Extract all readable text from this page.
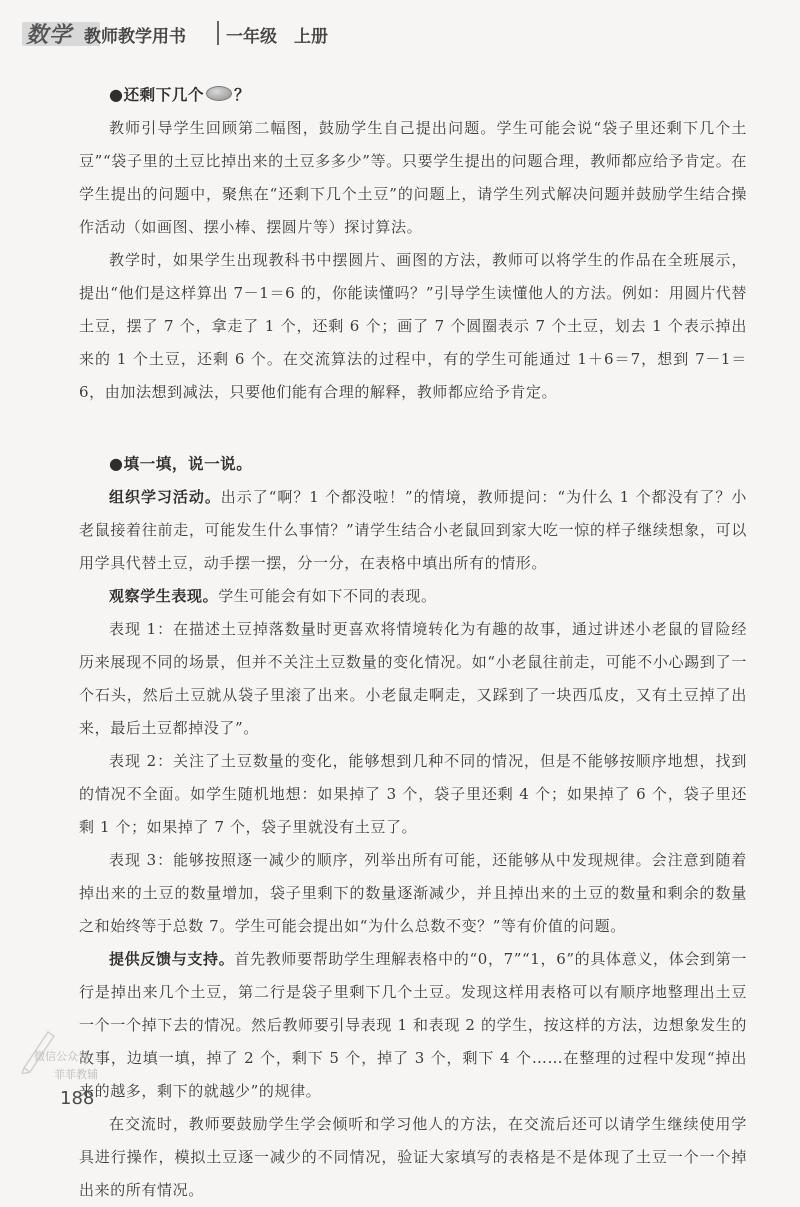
数学 教师教学用书 一年级　上册

●还剩下几个 ？

教师引导学生回顾第二幅图，鼓励学生自己提出问题。学生可能会说“袋子里还剩下几个土豆”“袋子里的土豆比掉出来的土豆多多少”等。只要学生提出的问题合理，教师都应给予肯定。在学生提出的问题中，聚焦在“还剩下几个土豆”的问题上，请学生列式解决问题并鼓励学生结合操作活动（如画图、摆小棒、摆圆片等）探讨算法。

教学时，如果学生出现教科书中摆圆片、画图的方法，教师可以将学生的作品在全班展示，提出“他们是这样算出 7－1＝6 的，你能读懂吗？”引导学生读懂他人的方法。例如：用圆片代替土豆，摆了 7 个，拿走了 1 个，还剩 6 个；画了 7 个圆圈表示 7 个土豆，划去 1 个表示掉出来的 1 个土豆，还剩 6 个。在交流算法的过程中，有的学生可能通过 1＋6＝7，想到 7－1＝6，由加法想到减法，只要他们能有合理的解释，教师都应给予肯定。

●填一填，说一说。

组织学习活动。出示了“啊？1 个都没啦！”的情境，教师提问：“为什么 1 个都没有了？小老鼠接着往前走，可能发生什么事情？”请学生结合小老鼠回到家大吃一惊的样子继续想象，可以用学具代替土豆，动手摆一摆，分一分，在表格中填出所有的情形。

观察学生表现。学生可能会有如下不同的表现。

表现 1：在描述土豆掉落数量时更喜欢将情境转化为有趣的故事，通过讲述小老鼠的冒险经历来展现不同的场景，但并不关注土豆数量的变化情况。如“小老鼠往前走，可能不小心踢到了一个石头，然后土豆就从袋子里滚了出来。小老鼠走啊走，又踩到了一块西瓜皮，又有土豆掉了出来，最后土豆都掉没了”。

表现 2：关注了土豆数量的变化，能够想到几种不同的情况，但是不能够按顺序地想，找到的情况不全面。如学生随机地想：如果掉了 3 个，袋子里还剩 4 个；如果掉了 6 个，袋子里还剩 1 个；如果掉了 7 个，袋子里就没有土豆了。

表现 3：能够按照逐一减少的顺序，列举出所有可能，还能够从中发现规律。会注意到随着掉出来的土豆的数量增加，袋子里剩下的数量逐渐减少，并且掉出来的土豆的数量和剩余的数量之和始终等于总数 7。学生可能会提出如“为什么总数不变？”等有价值的问题。

提供反馈与支持。首先教师要帮助学生理解表格中的“0，7”“1，6”的具体意义，体会到第一行是掉出来几个土豆，第二行是袋子里剩下几个土豆。发现这样用表格可以有顺序地整理出土豆一个一个掉下去的情况。然后教师要引导表现 1 和表现 2 的学生，按这样的方法，边想象发生的故事，边填一填，掉了 2 个，剩下 5 个，掉了 3 个，剩下 4 个……在整理的过程中发现“掉出来的越多，剩下的就越少”的规律。

在交流时，教师要鼓励学生学会倾听和学习他人的方法，在交流后还可以请学生继续使用学具进行操作，模拟土豆逐一减少的不同情况，验证大家填写的表格是不是体现了土豆一个一个掉出来的所有情况。

微信公众号
菲菲教辅
188
